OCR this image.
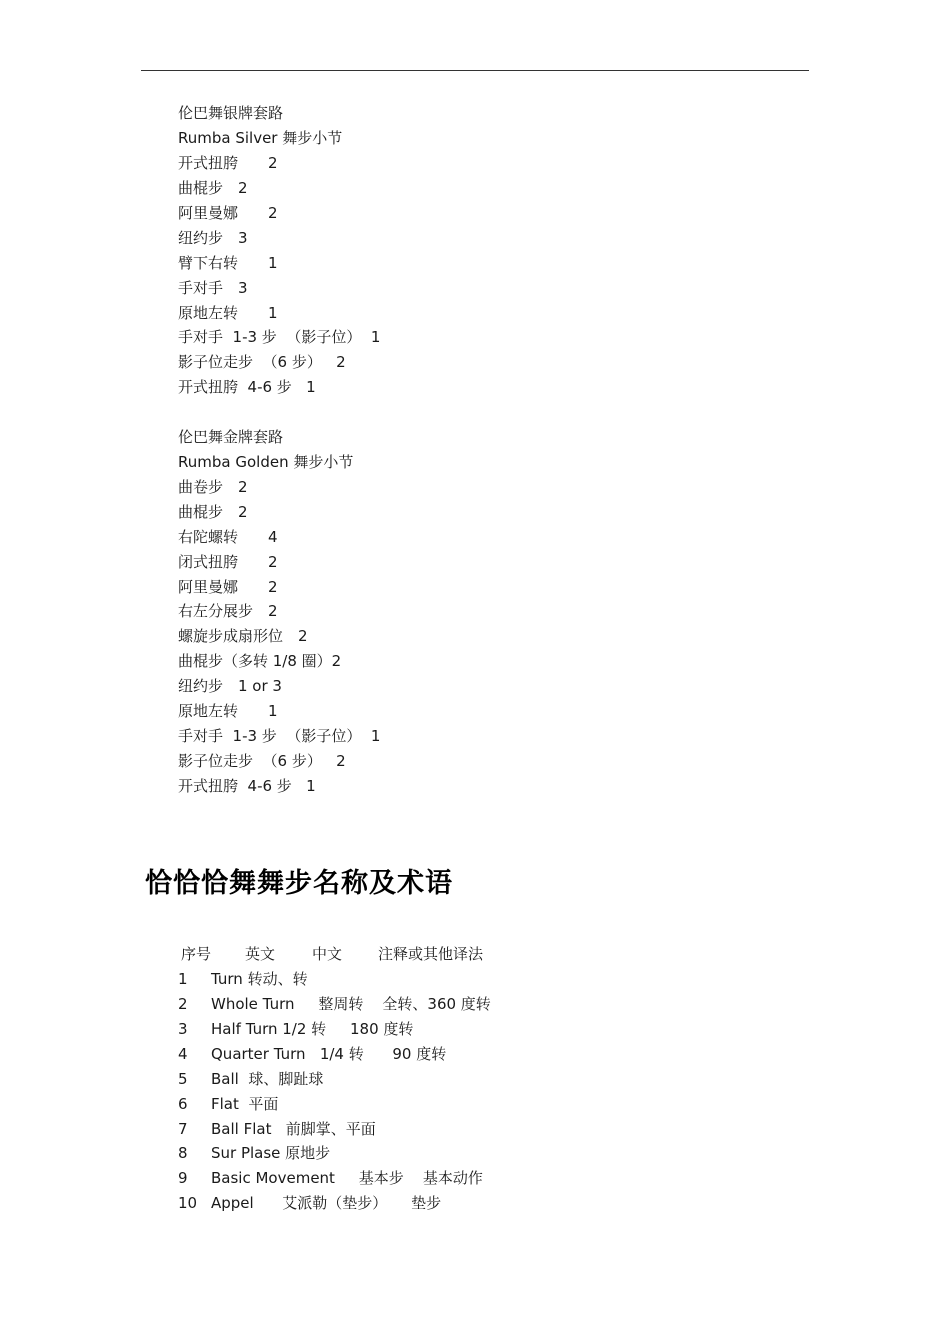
伦巴舞银牌套路
Rumba Silver 舞步小节
开式扭胯　　2
曲棍步　2
阿里曼娜　　2
纽约步　3
臂下右转　　1
手对手　3
原地左转　　1
手对手  1-3 步  （影子位）  1
影子位走步  （6 步）   2
开式扭胯  4-6 步   1
伦巴舞金牌套路
Rumba Golden 舞步小节
曲卷步　2
曲棍步　2
右陀螺转　　4
闭式扭胯　　2
阿里曼娜　　2
右左分展步　2
螺旋步成扇形位　2
曲棍步（多转 1/8 圈）2
纽约步　1 or 3
原地左转　　1
手对手  1-3 步  （影子位）  1
影子位走步  （6 步）   2
开式扭胯  4-6 步   1
恰恰恰舞舞步名称及术语
序号 英文 中文 注释或其他译法
1 Turn 转动、转
2 Whole Turn     整周转    全转、360 度转
3 Half Turn 1/2 转     180 度转
4 Quarter Turn   1/4 转      90 度转
5 Ball  球、脚趾球
6 Flat  平面
7 Ball Flat   前脚掌、平面
8 Sur Plase 原地步
9 Basic Movement     基本步    基本动作
10 Appel      艾派勒（垫步）     垫步
